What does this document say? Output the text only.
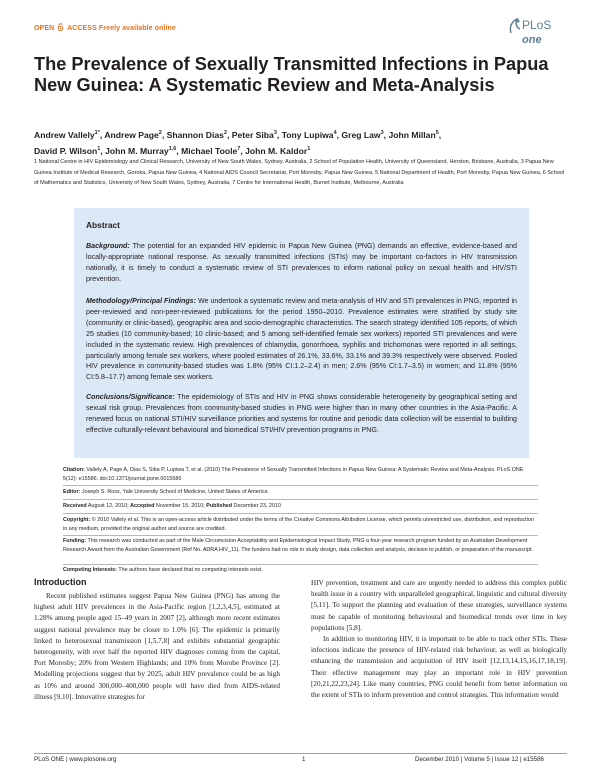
OPEN ACCESS Freely available online	PLoS one
The Prevalence of Sexually Transmitted Infections in Papua New Guinea: A Systematic Review and Meta-Analysis
Andrew Vallely$^{1*}$, Andrew Page$^2$, Shannon Dias$^2$, Peter Siba$^3$, Tony Lupiwa$^4$, Greg Law$^3$, John Millan$^5$,
David P. Wilson$^1$, John M. Murray$^{1,6}$, Michael Toole$^7$, John M. Kaldor$^1$
1 National Centre in HIV Epidemiology and Clinical Research, University of New South Wales, Sydney, Australia, 2 School of Population Health, University of Queensland, Herston, Brisbane, Australia, 3 Papua New Guinea Institute of Medical Research, Goroka, Papua New Guinea, 4 National AIDS Council Secretariat, Port Moresby, Papua New Guinea, 5 National Department of Health, Port Moresby, Papua New Guinea, 6 School of Mathematics and Statistics, University of New South Wales, Sydney, Australia, 7 Centre for International Health, Burnet Institute, Melbourne, Australia
Abstract
Background: The potential for an expanded HIV epidemic in Papua New Guinea (PNG) demands an effective, evidence-based and locally-appropriate national response. As sexually transmitted infections (STIs) may be important co-factors in HIV transmission nationally, it is timely to conduct a systematic review of STI prevalences to inform national policy on sexual health and HIV/STI prevention.
Methodology/Principal Findings: We undertook a systematic review and meta-analysis of HIV and STI prevalences in PNG, reported in peer-reviewed and non-peer-reviewed publications for the period 1950–2010. Prevalence estimates were stratified by study site (community or clinic-based), geographic area and socio-demographic characteristics. The search strategy identified 105 reports, of which 25 studies (10 community-based; 10 clinic-based; and 5 among self-identified female sex workers) reported STI prevalences and were included in the systematic review. High prevalences of chlamydia, gonorrhoea, syphilis and trichomonas were reported in all settings, particularly among female sex workers, where pooled estimates of 26.1%, 33.6%, 33.1% and 39.3% respectively were observed. Pooled HIV prevalence in community-based studies was 1.8% (95% CI:1.2–2.4) in men; 2.6% (95% CI:1.7–3.5) in women; and 11.8% (95% CI:5.8–17.7) among female sex workers.
Conclusions/Significance: The epidemiology of STIs and HIV in PNG shows considerable heterogeneity by geographical setting and sexual risk group. Prevalences from community-based studies in PNG were higher than in many other countries in the Asia-Pacific. A renewed focus on national STI/HIV surveillance priorities and systems for routine and periodic data collection will be essential to building effective culturally-relevant behavioural and biomedical STI/HIV prevention programs in PNG.
Citation: Vallely A, Page A, Dias S, Siba P, Lupiwa T, et al. (2010) The Prevalence of Sexually Transmitted Infections in Papua New Guinea: A Systematic Review and Meta-Analysis. PLoS ONE 5(12): e15586. doi:10.1371/journal.pone.0015586
Editor: Joseph S. Ross, Yale University School of Medicine, United States of America
Received August 12, 2010; Accepted November 15, 2010; Published December 23, 2010
Copyright: © 2010 Vallely et al. This is an open-access article distributed under the terms of the Creative Commons Attribution License, which permits unrestricted use, distribution, and reproduction in any medium, provided the original author and source are credited.
Funding: This research was conducted as part of the Male Circumcision Acceptability and Epidemiological Impact Study, PNG a four-year research program funded by an Australian Development Research Award from the Australian Government (Ref No. ADRA HIV_11). The funders had no role in study design, data collection and analysis, decision to publish, or preparation of the manuscript.
Competing Interests: The authors have declared that no competing interests exist.
Introduction
Recent published estimates suggest Papua New Guinea (PNG) has among the highest adult HIV prevalences in the Asia-Pacific region [1,2,3,4,5], estimated at 1.28% among people aged 15–49 years in 2007 [2], although more recent estimates suggest national prevalence may be closer to 1.0% [6]. The epidemic is primarily linked to heterosexual transmission [1,5,7,8] and exhibits substantial geographic heterogeneity, with over half the reported HIV diagnoses coming from the capital, Port Moresby; 20% from Western Highlands; and 10% from Morobe Province [2]. Modelling projections suggest that by 2025, adult HIV prevalence could be as high as 10% and around 300,000–400,000 people will have died from AIDS-related illness [9,10]. Innovative strategies for
HIV prevention, treatment and care are urgently needed to address this complex public health issue in a country with unparalleled geographical, linguistic and cultural diversity [5,11]. To support the planning and evaluation of these strategies, surveillance systems must be capable of monitoring behavioural and biomedical trends over time in key populations [5,8].
In addition to monitoring HIV, it is important to be able to track other STIs. These infections indicate the presence of HIV-related risk behaviour, as well as biologically enhancing the transmission and acquisition of HIV itself [12,13,14,15,16,17,18,19]. Their effective management may play an important role in HIV prevention [20,21,22,23,24]. Like many countries, PNG could benefit from better information on the extent of STIs to inform prevention and control strategies. This information would
PLoS ONE | www.plosone.org	1	December 2010 | Volume 5 | Issue 12 | e15586
